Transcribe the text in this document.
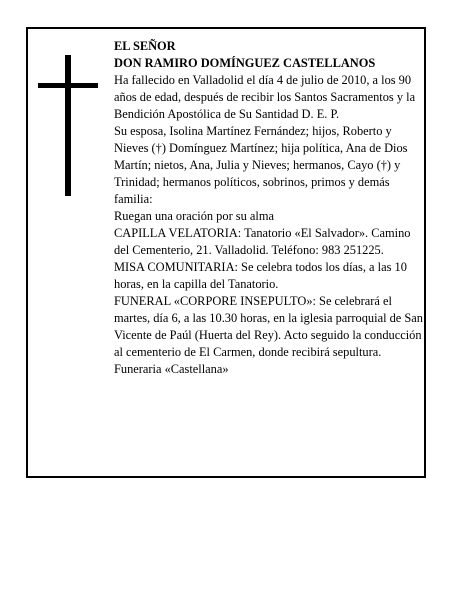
EL SEÑOR

DON RAMIRO DOMÍNGUEZ CASTELLANOS

Ha fallecido en Valladolid el día 4 de julio de 2010, a los 90 años de edad, después de recibir los Santos Sacramentos y la Bendición Apostólica de Su Santidad D. E. P.

Su esposa, Isolina Martínez Fernández; hijos, Roberto y Nieves (†) Domínguez Martínez; hija política, Ana de Dios Martín; nietos, Ana, Julia y Nieves; hermanos, Cayo (†) y Trinidad; hermanos políticos, sobrinos, primos y demás familia:

Ruegan una oración por su alma

CAPILLA VELATORIA: Tanatorio «El Salvador». Camino del Cementerio, 21. Valladolid. Teléfono: 983 251225.

MISA COMUNITARIA: Se celebra todos los días, a las 10 horas, en la capilla del Tanatorio.

FUNERAL «CORPORE INSEPULTO»: Se celebrará el martes, día 6, a las 10.30 horas, en la iglesia parroquial de San Vicente de Paúl (Huerta del Rey). Acto seguido la conducción al cementerio de El Carmen, donde recibirá sepultura.

Funeraria «Castellana»
